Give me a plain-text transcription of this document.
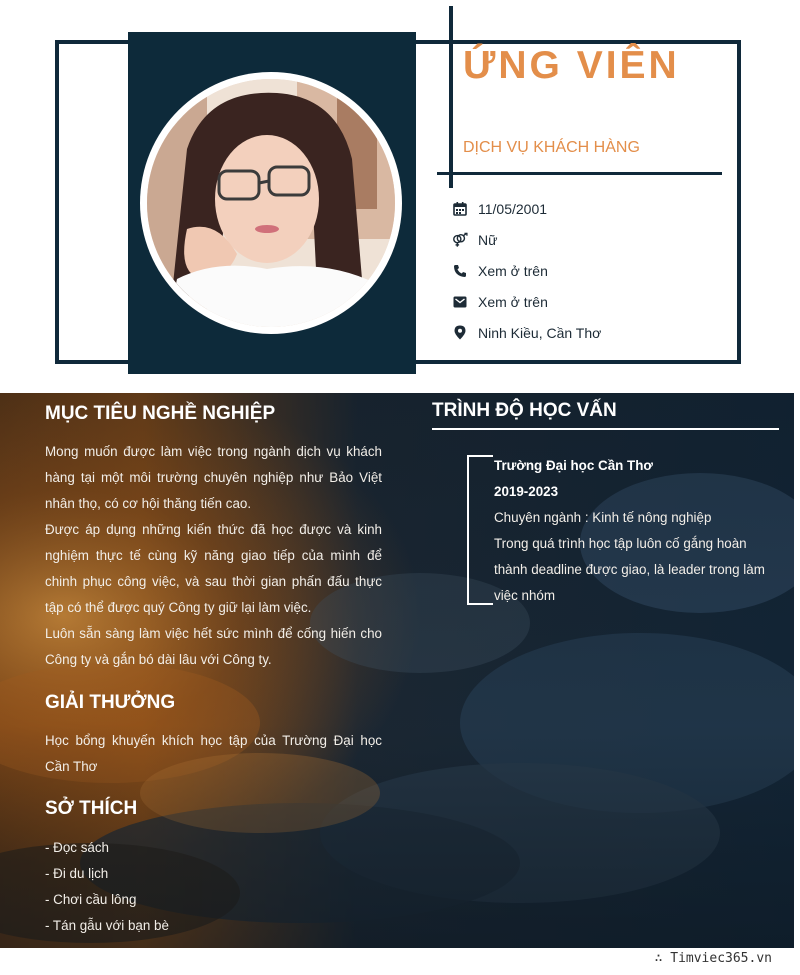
ỨNG VIÊN
DỊCH VỤ KHÁCH HÀNG
11/05/2001
Nữ
Xem ở trên
Xem ở trên
Ninh Kiều, Cần Thơ
MỤC TIÊU NGHỀ NGHIỆP

Mong muốn được làm việc trong ngành dịch vụ khách hàng tại một môi trường chuyên nghiệp như Bảo Việt nhân thọ, có cơ hội thăng tiến cao.

Được áp dụng những kiến thức đã học được và kinh nghiệm thực tế cùng kỹ năng giao tiếp của mình để chinh phục công việc, và sau thời gian phấn đấu thực tập có thể được quý Công ty giữ lại làm việc.

Luôn sẵn sàng làm việc hết sức mình để cống hiến cho Công ty và gắn bó dài lâu với Công ty.

GIẢI THƯỞNG
Học bổng khuyến khích học tập của Trường Đại học Cần Thơ
SỞ THÍCH
- Đọc sách
- Đi du lịch
- Chơi cầu lông
- Tán gẫu với bạn bè
TRÌNH ĐỘ HỌC VẤN
Trường Đại học Cần Thơ
2019-2023
Chuyên ngành : Kinh tế nông nghiệp
Trong quá trình học tập luôn cố gắng hoàn thành deadline được giao, là leader trong làm việc nhóm
∴ Timviec365.vn
